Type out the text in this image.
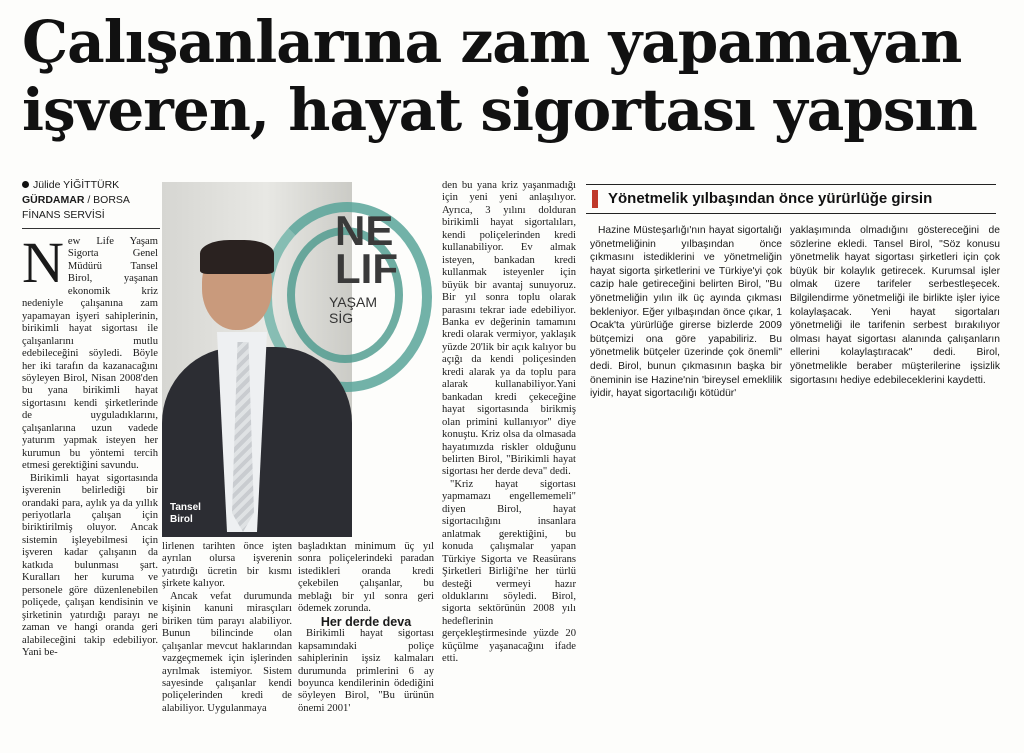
Çalışanlarına zam yapamayan işveren, hayat sigortası yapsın
Jülide YİĞİTTÜRK
GÜRDAMAR / BORSA
FİNANS SERVİSİ

New Life Yaşam Sigorta Genel Müdürü Tansel Birol, yaşanan ekonomik kriz nedeniyle çalışanına zam yapamayan işyeri sahiplerinin, birikimli hayat sigortası ile çalışanlarını mutlu edebileceğini söyledi. Böyle her iki tarafın da kazanacağını söyleyen Birol, Nisan 2008'den bu yana birikimli hayat sigortasını kendi şirketlerinde de uyguladıklarını, çalışanlarına uzun vadede yaturım yapmak isteyen her kurumun bu yöntemi tercih etmesi gerektiğini savundu.

Birikimli hayat sigortasında işverenin belirlediği bir orandaki para, aylık ya da yıllık periyotlarla çalışan için biriktirilmiş oluyor. Ancak sistemin işleyebilmesi için işveren kadar çalışanın da katkıda bulunması şart. Kuralları her kuruma ve personele göre düzenlenebilen poliçede, çalışan kendisinin ve şirketinin yatırdığı parayı ne zaman ve hangi oranda geri alabileceğini takip edebiliyor. Yani be-

NE
LIF
YAŞAM SİG
Tansel
Birol

lirlenen tarihten önce işten ayrılan olursa işverenin yatırdığı ücretin bir kısmı şirkete kalıyor.

Ancak vefat durumunda kişinin kanuni mirasçıları biriken tüm parayı alabiliyor. Bunun bilincinde olan çalışanlar mevcut haklarından vazgeçmemek için işlerinden ayrılmak istemiyor. Sistem sayesinde çalışanlar kendi poliçelerinden kredi de alabiliyor. Uygulanmaya

başladıktan minimum üç yıl sonra poliçelerindeki paradan istedikleri oranda kredi çekebilen çalışanlar, bu meblağı bir yıl sonra geri ödemek zorunda.

Her derde deva

Birikimli hayat sigortası kapsamındaki poliçe sahiplerinin işsiz kalmaları durumunda primlerini 6 ay boyunca kendilerinin ödediğini söyleyen Birol, "Bu ürünün önemi 2001'

den bu yana kriz yaşanmadığı için yeni yeni anlaşılıyor. Ayrıca, 3 yılını dolduran birikimli hayat sigortalıları, kendi poliçelerinden kredi kullanabiliyor. Ev almak isteyen, bankadan kredi kullanmak isteyenler için büyük bir avantaj sunuyoruz. Bir yıl sonra toplu olarak parasını tekrar iade edebiliyor. Banka ev değerinin tamamını kredi olarak vermiyor, yaklaşık yüzde 20'lik bir açık kalıyor bu açığı da kendi poliçesinden kredi alarak ya da toplu para alarak kullanabiliyor.Yani bankadan kredi çekeceğine hayat sigortasında birikmiş olan primini kullanıyor" diye konuştu. Kriz olsa da olmasada hayatımızda riskler olduğunu belirten Birol, "Birikimli hayat sigortası her derde deva" dedi.

"Kriz hayat sigortası yapmamazı engellememeli" diyen Birol, hayat sigortacılığını insanlara anlatmak gerektiğini, bu konuda çalışmalar yapan Türkiye Sigorta ve Reasürans Şirketleri Birliği'ne her türlü desteği vermeyi hazır olduklarını söyledi. Birol, sigorta sektörünün 2008 yılı hedeflerinin gerçekleştirmesinde yüzde 20 küçülme yaşanacağını ifade etti.

Yönetmelik yılbaşından önce yürürlüğe girsin

Hazine Müsteşarlığı'nın hayat sigortalığı yönetmeliğinin yılbaşından önce çıkmasını istediklerini ve yönetmeliğin hayat sigorta şirketlerini ve Türkiye'yi çok cazip hale getireceğini belirten Birol, "Bu yönetmeliğin yılın ilk üç ayında çıkması bekleniyor. Eğer yılbaşından önce çıkar, 1 Ocak'ta yürürlüğe girerse bizlerde 2009 bütçemizi ona göre yapabiliriz. Bu yönetmelik bütçeler üzerinde çok önemli" dedi. Birol, bunun çıkmasının başka bir öneminin ise Hazine'nin 'bireysel emeklilik iyidir, hayat sigortacılığı kötüdür'

yaklaşımında olmadığını göstereceğini de sözlerine ekledi. Tansel Birol, "Söz konusu yönetmelik hayat sigortası şirketleri için çok büyük bir kolaylık getirecek. Kurumsal işler olmak üzere tarifeler serbestleşecek. Bilgilendirme yönetmeliği ile birlikte işler iyice kolaylaşacak. Yeni hayat sigortaları yönetmeliği ile tarifenin serbest bırakılıyor olması hayat sigortası alanında çalışanların ellerini kolaylaştıracak" dedi. Birol, yönetmelikle beraber müşterilerine işsizlik sigortasını hediye edebileceklerini kaydetti.
